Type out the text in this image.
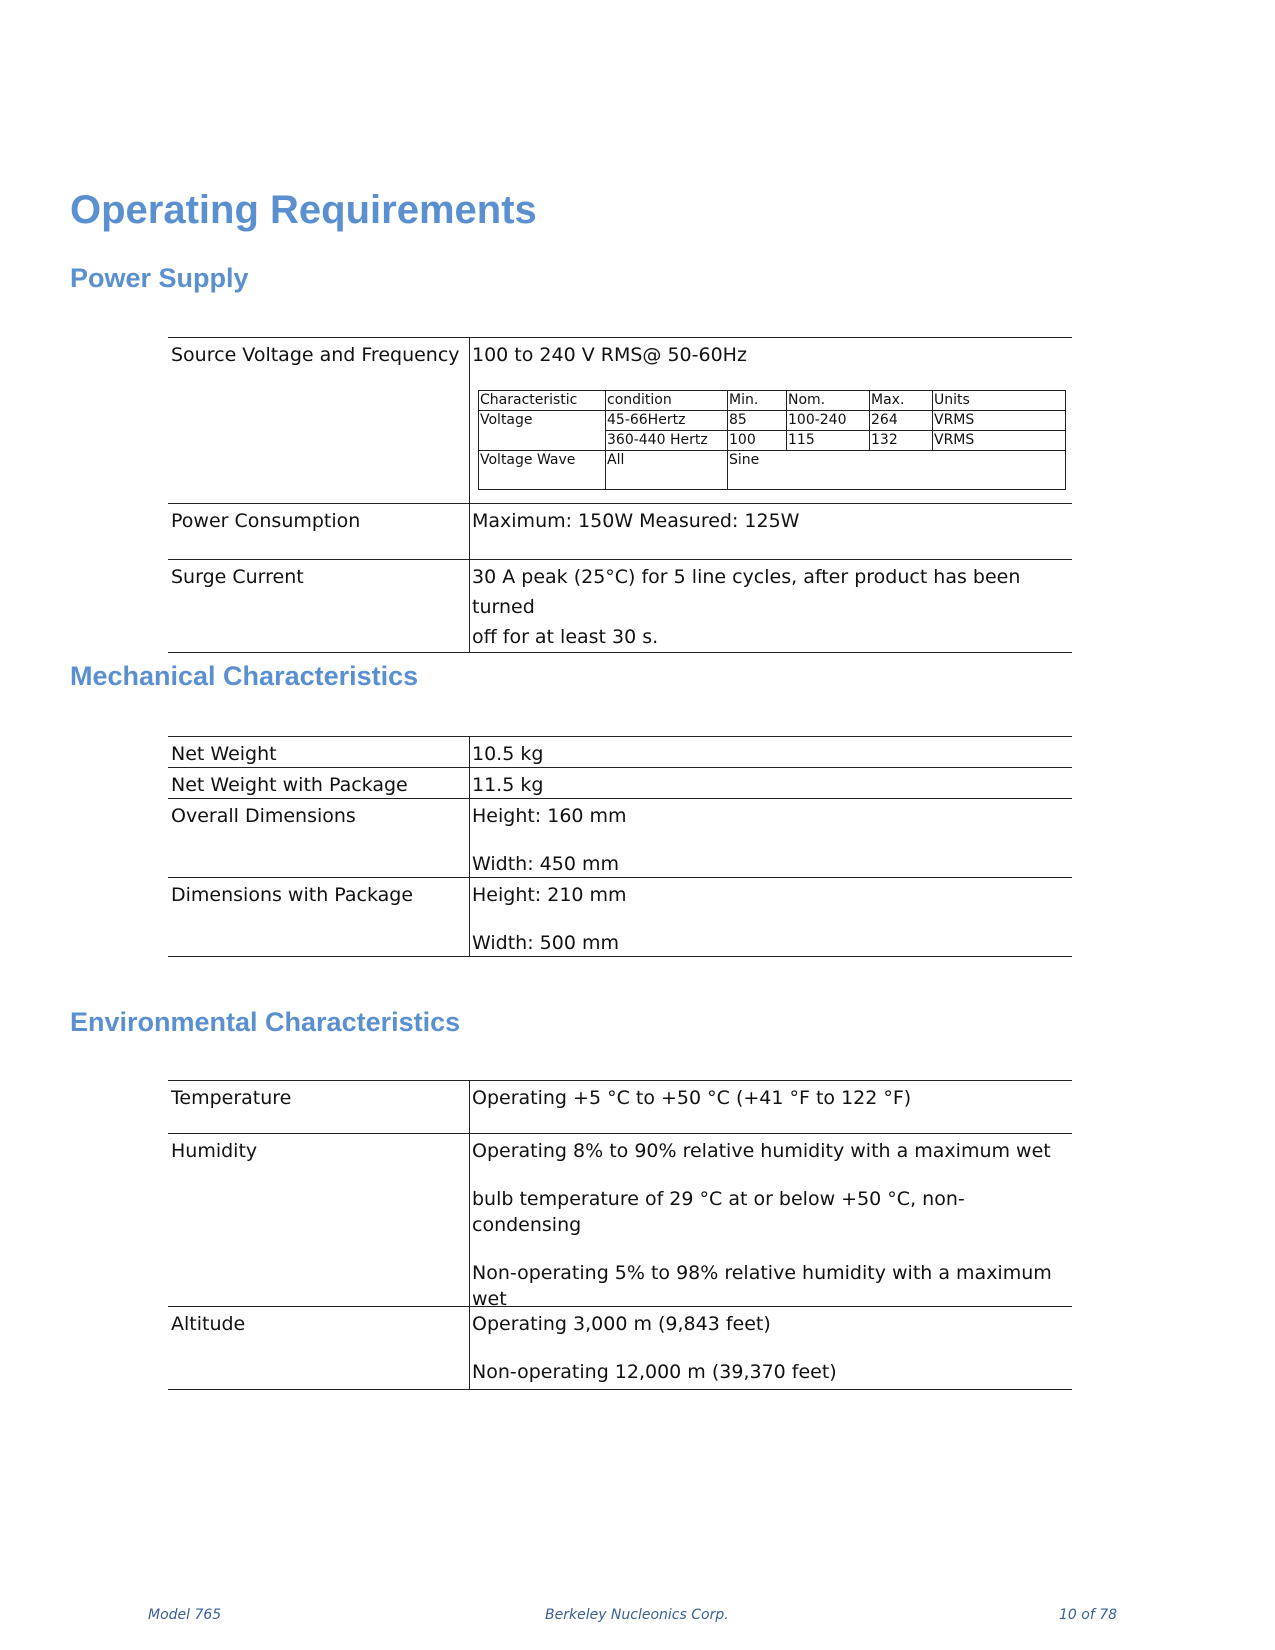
Operating Requirements
Power Supply
Source Voltage and Frequency	100 to 240 V RMS@ 50-60Hz
Characteristic	condition	Min.	Nom.	Max.	Units
Voltage	45-66Hertz	85	100-240	264	VRMS
	360-440 Hertz	100	115	132	VRMS
Voltage Wave	All	Sine

Power Consumption	Maximum: 150W Measured: 125W
Surge Current	30 A peak (25°C) for 5 line cycles, after product has been turned
off for at least 30 s.
Mechanical Characteristics
Net Weight	10.5 kg
Net Weight with Package	11.5 kg
Overall Dimensions	Height: 160 mm
Width: 450 mm

Dimensions with Package	Height: 210 mm
Width: 500 mm
Environmental Characteristics
Temperature	Operating +5 °C to +50 °C (+41 °F to 122 °F)
Humidity	Operating 8% to 90% relative humidity with a maximum wet
bulb temperature of 29 °C at or below +50 °C, non-condensing
Non-operating 5% to 98% relative humidity with a maximum wet

Altitude	Operating 3,000 m (9,843 feet)
Non-operating 12,000 m (39,370 feet)
Model 765	Berkeley Nucleonics Corp.	10 of 78
